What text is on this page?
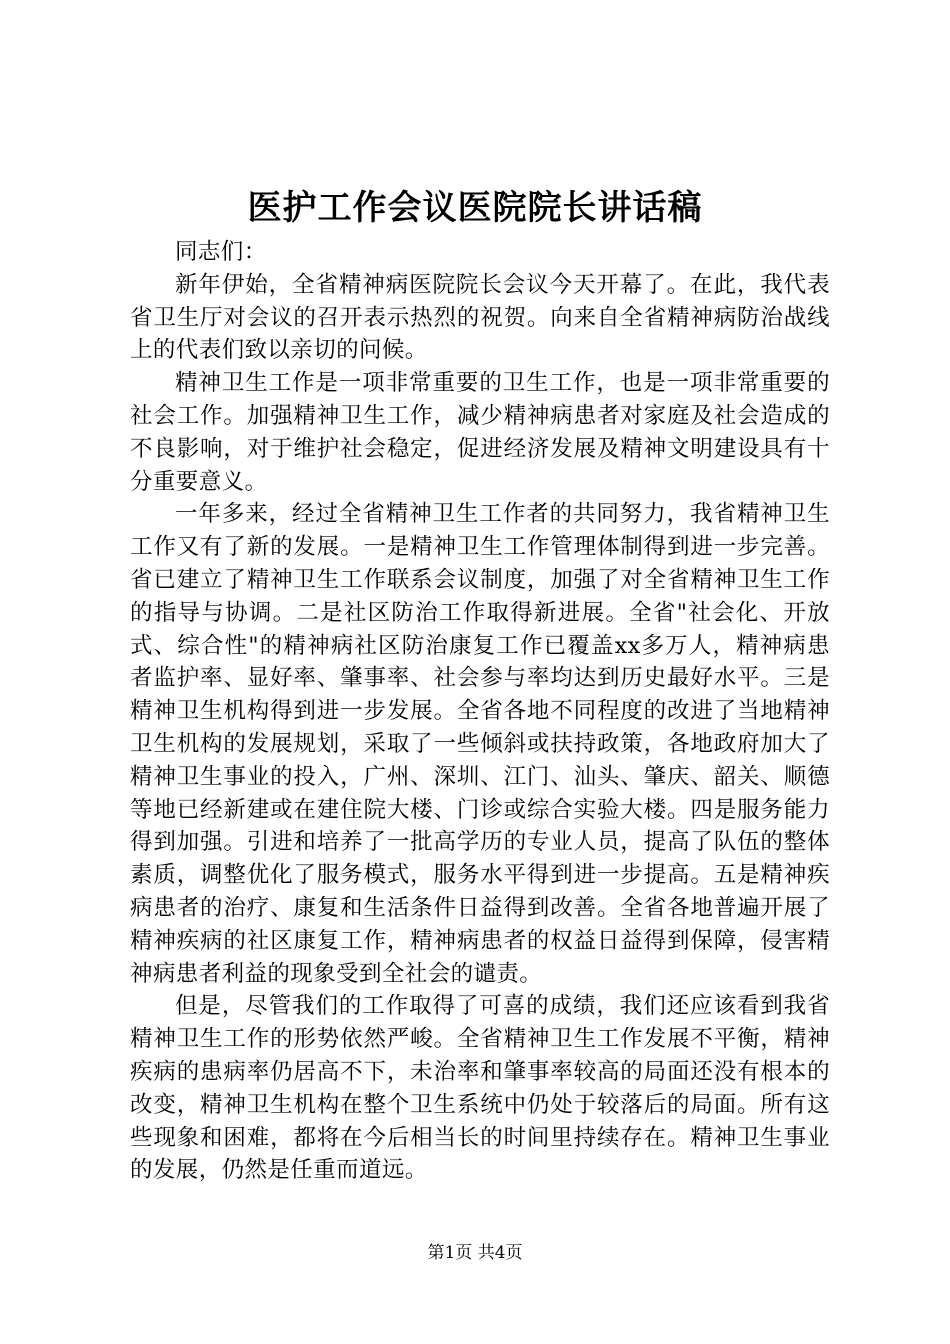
医护工作会议医院院长讲话稿

同志们：

新年伊始，全省精神病医院院长会议今天开幕了。在此，我代表省卫生厅对会议的召开表示热烈的祝贺。向来自全省精神病防治战线上的代表们致以亲切的问候。

精神卫生工作是一项非常重要的卫生工作，也是一项非常重要的社会工作。加强精神卫生工作，减少精神病患者对家庭及社会造成的不良影响，对于维护社会稳定，促进经济发展及精神文明建设具有十分重要意义。

一年多来，经过全省精神卫生工作者的共同努力，我省精神卫生工作又有了新的发展。一是精神卫生工作管理体制得到进一步完善。省已建立了精神卫生工作联系会议制度，加强了对全省精神卫生工作的指导与协调。二是社区防治工作取得新进展。全省"社会化、开放式、综合性"的精神病社区防治康复工作已覆盖xx多万人，精神病患者监护率、显好率、肇事率、社会参与率均达到历史最好水平。三是精神卫生机构得到进一步发展。全省各地不同程度的改进了当地精神卫生机构的发展规划，采取了一些倾斜或扶持政策，各地政府加大了精神卫生事业的投入，广州、深圳、江门、汕头、肇庆、韶关、顺德等地已经新建或在建住院大楼、门诊或综合实验大楼。四是服务能力得到加强。引进和培养了一批高学历的专业人员，提高了队伍的整体素质，调整优化了服务模式，服务水平得到进一步提高。五是精神疾病患者的治疗、康复和生活条件日益得到改善。全省各地普遍开展了精神疾病的社区康复工作，精神病患者的权益日益得到保障，侵害精神病患者利益的现象受到全社会的谴责。

但是，尽管我们的工作取得了可喜的成绩，我们还应该看到我省精神卫生工作的形势依然严峻。全省精神卫生工作发展不平衡，精神疾病的患病率仍居高不下，未治率和肇事率较高的局面还没有根本的改变，精神卫生机构在整个卫生系统中仍处于较落后的局面。所有这些现象和困难，都将在今后相当长的时间里持续存在。精神卫生事业的发展，仍然是任重而道远。

第1页 共4页
